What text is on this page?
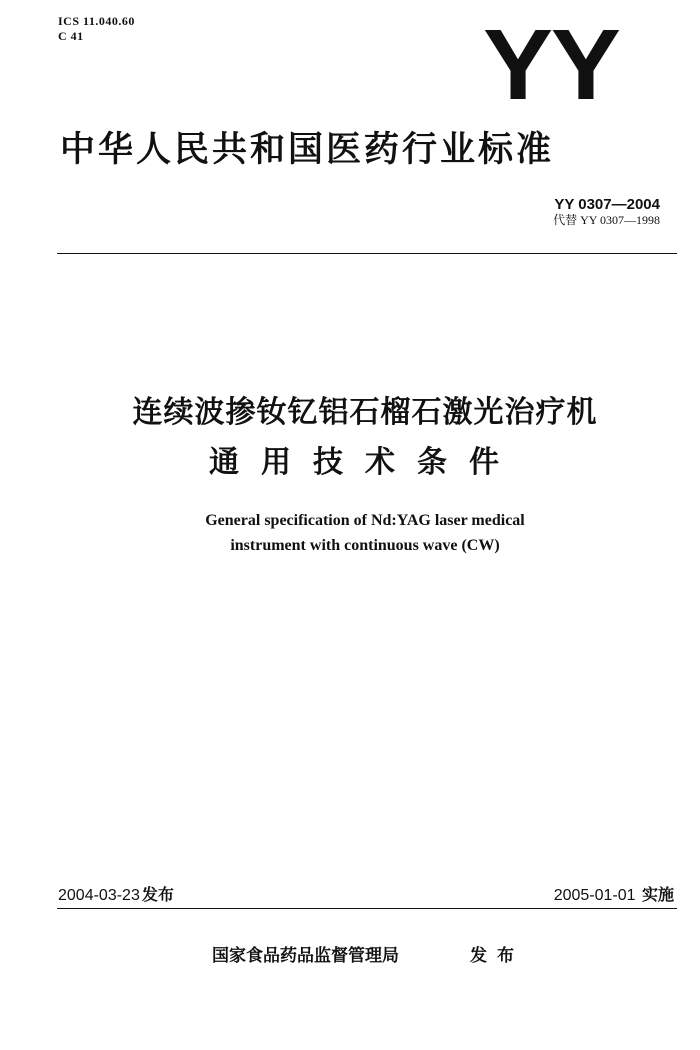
ICS 11.040.60
C 41	YY
中华人民共和国医药行业标准
YY 0307—2004
代替 YY 0307—1998
连续波掺钕钇铝石榴石激光治疗机
通用技术条件
General specification of Nd:YAG laser medical
instrument with continuous wave (CW)
2004-03-23 发布	2005-01-01 实施
国家食品药品监督管理局	发布
